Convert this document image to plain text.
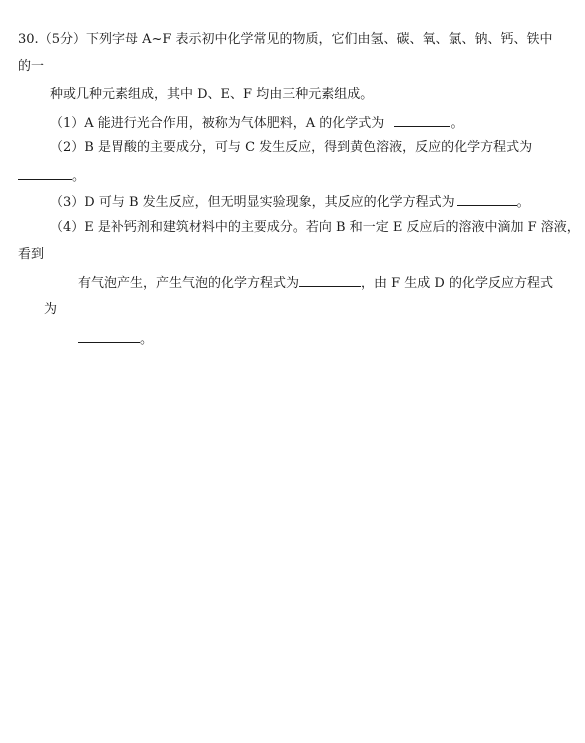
30.（5分）下列字母 A~F 表示初中化学常见的物质，它们由氢、碳、氧、氯、钠、钙、铁中
的一
种或几种元素组成，其中 D、E、F 均由三种元素组成。
（1）A 能进行光合作用，被称为气体肥料，A 的化学式为	。
（2）B 是胃酸的主要成分，可与 C 发生反应，得到黄色溶液，反应的化学方程式为
。
（3）D 可与 B 发生反应，但无明显实验现象，其反应的化学方程式为	。
（4）E 是补钙剂和建筑材料中的主要成分。若向 B 和一定 E 反应后的溶液中滴加 F 溶液，
看到
有气泡产生，产生气泡的化学方程式为	，由 F 生成 D 的化学反应方程式
为
。
